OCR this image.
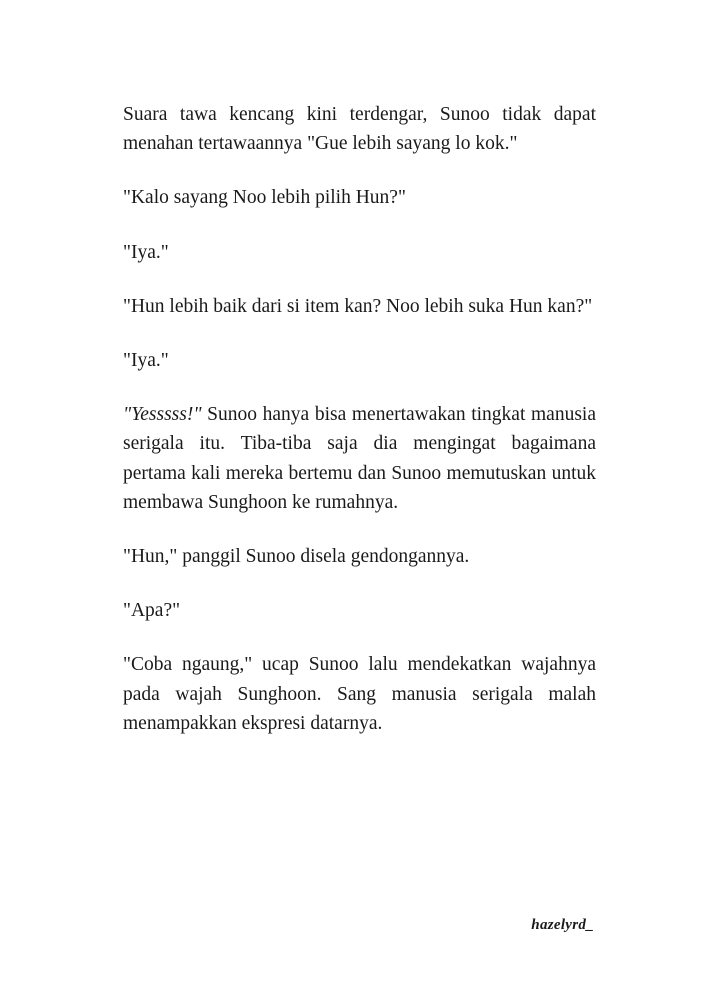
Suara tawa kencang kini terdengar, Sunoo tidak dapat menahan tertawaannya "Gue lebih sayang lo kok."

"Kalo sayang Noo lebih pilih Hun?"

"Iya."

"Hun lebih baik dari si item kan? Noo lebih suka Hun kan?"

"Iya."

"Yesssss!" Sunoo hanya bisa menertawakan tingkat manusia serigala itu. Tiba-tiba saja dia mengingat bagaimana pertama kali mereka bertemu dan Sunoo memutuskan untuk membawa Sunghoon ke rumahnya.

"Hun," panggil Sunoo disela gendongannya.

"Apa?"

"Coba ngaung," ucap Sunoo lalu mendekatkan wajahnya pada wajah Sunghoon. Sang manusia serigala malah menampakkan ekspresi datarnya.

hazelyrd_
